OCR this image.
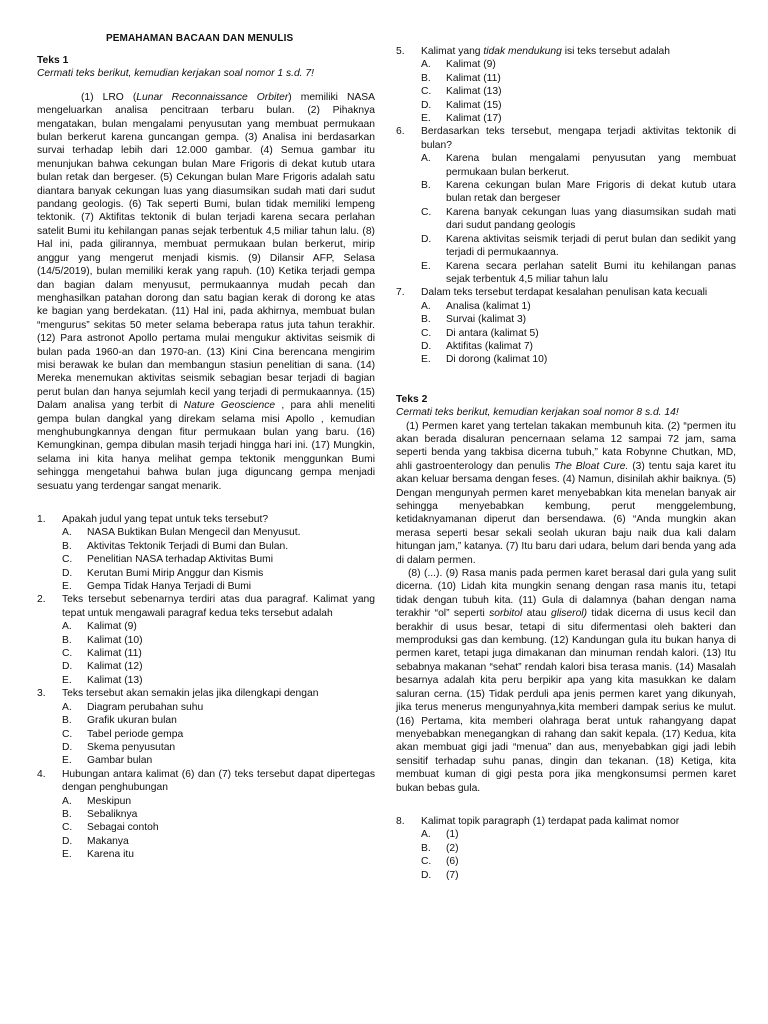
PEMAHAMAN BACAAN DAN MENULIS

Teks 1

Cermati teks berikut, kemudian kerjakan soal nomor 1 s.d. 7!

(1) LRO (Lunar Reconnaissance Orbiter) memiliki NASA mengeluarkan analisa pencitraan terbaru bulan. (2) Pihaknya mengatakan, bulan mengalami penyusutan yang membuat permukaan bulan berkerut karena guncangan gempa. (3) Analisa ini berdasarkan survai terhadap lebih dari 12.000 gambar. (4) Semua gambar itu menunjukan bahwa cekungan bulan Mare Frigoris di dekat kutub utara bulan retak dan bergeser. (5) Cekungan bulan Mare Frigoris adalah satu diantara banyak cekungan luas yang diasumsikan sudah mati dari sudut pandang geologis. (6) Tak seperti Bumi, bulan tidak memiliki lempeng tektonik. (7) Aktifitas tektonik di bulan terjadi karena secara perlahan satelit Bumi itu kehilangan panas sejak terbentuk 4,5 miliar tahun lalu. (8) Hal ini, pada gilirannya, membuat permukaan bulan berkerut, mirip anggur yang mengerut menjadi kismis. (9) Dilansir AFP, Selasa (14/5/2019), bulan memiliki kerak yang rapuh. (10) Ketika terjadi gempa dan bagian dalam menyusut, permukaannya mudah pecah dan menghasilkan patahan dorong dan satu bagian kerak di dorong ke atas ke bagian yang berdekatan. (11) Hal ini, pada akhirnya, membuat bulan “mengurus” sekitas 50 meter selama beberapa ratus juta tahun terakhir. (12) Para astronot Apollo pertama mulai mengukur aktivitas seismik di bulan pada 1960-an dan 1970-an. (13) Kini Cina berencana mengirim misi berawak ke bulan dan membangun stasiun penelitian di sana. (14) Mereka menemukan aktivitas seismik sebagian besar terjadi di bagian perut bulan dan hanya sejumlah kecil yang terjadi di permukaannya. (15) Dalam analisa yang terbit di Nature Geoscience , para ahli meneliti gempa bulan dangkal yang direkam selama misi Apollo , kemudian menghubungkannya dengan fitur permukaan bulan yang baru. (16) Kemungkinan, gempa dibulan masih terjadi hingga hari ini. (17) Mungkin, selama ini kita hanya melihat gempa tektonik menggunkan Bumi sehingga mengetahui bahwa bulan juga diguncang gempa menjadi sesuatu yang terdengar sangat menarik.

1.	Apakah judul yang tepat untuk teks tersebut?
A.	NASA Buktikan Bulan Mengecil dan Menyusut.
B.	Aktivitas Tektonik Terjadi di Bumi dan Bulan.
C.	Penelitian NASA terhadap Aktivitas Bumi
D.	Kerutan Bumi Mirip Anggur dan Kismis
E.	Gempa Tidak Hanya Terjadi di Bumi
2.	Teks tersebut sebenarnya terdiri atas dua paragraf. Kalimat yang tepat untuk mengawali paragraf kedua teks tersebut adalah
A.	Kalimat (9)
B.	Kalimat (10)
C.	Kalimat (11)
D.	Kalimat (12)
E.	Kalimat (13)
3.	Teks tersebut akan semakin jelas jika dilengkapi dengan
A.	Diagram perubahan suhu
B.	Grafik ukuran bulan
C.	Tabel periode gempa
D.	Skema penyusutan
E.	Gambar bulan
4.	Hubungan antara kalimat (6) dan (7) teks tersebut dapat dipertegas dengan penghubungan
A.	Meskipun
B.	Sebaliknya
C.	Sebagai contoh
D.	Makanya
E.	Karena itu
5.	Kalimat yang tidak mendukung isi teks tersebut adalah
A.	Kalimat (9)
B.	Kalimat (11)
C.	Kalimat (13)
D.	Kalimat (15)
E.	Kalimat (17)
6.	Berdasarkan teks tersebut, mengapa terjadi aktivitas tektonik di bulan?
A.	Karena bulan mengalami penyusutan yang membuat permukaan bulan berkerut.
B.	Karena cekungan bulan Mare Frigoris di dekat kutub utara bulan retak dan bergeser
C.	Karena banyak cekungan luas yang diasumsikan sudah mati dari sudut pandang geologis
D.	Karena aktivitas seismik terjadi di perut bulan dan sedikit yang terjadi di permukaannya.
E.	Karena secara perlahan satelit Bumi itu kehilangan panas sejak terbentuk 4,5 miliar tahun lalu
7.	Dalam teks tersebut terdapat kesalahan penulisan kata kecuali
A.	Analisa (kalimat 1)
B.	Survai (kalimat 3)
C.	Di antara (kalimat 5)
D.	Aktifitas (kalimat 7)
E.	Di dorong (kalimat 10)

Teks 2

Cermati teks berikut, kemudian kerjakan soal nomor 8 s.d. 14!

(1) Permen karet yang tertelan takakan membunuh kita. (2) “permen itu akan berada disaluran pencernaan selama 12 sampai 72 jam, sama seperti benda yang takbisa dicerna tubuh,” kata Robynne Chutkan, MD, ahli gastroenterology dan penulis The Bloat Cure. (3) tentu saja karet itu akan keluar bersama dengan feses. (4) Namun, disinilah akhir baiknya. (5) Dengan mengunyah permen karet menyebabkan kita menelan banyak air sehingga menyebabkan kembung, perut menggelembung, ketidaknyamanan diperut dan bersendawa. (6) “Anda mungkin akan merasa seperti besar sekali seolah ukuran baju naik dua kali dalam hitungan jam,” katanya. (7) Itu baru dari udara, belum dari benda yang ada di dalam permen.

(8) (...). (9) Rasa manis pada permen karet berasal dari gula yang sulit dicerna. (10) Lidah kita mungkin senang dengan rasa manis itu, tetapi tidak dengan tubuh kita. (11) Gula di dalamnya (bahan dengan nama terakhir “ol” seperti sorbitol atau gliserol) tidak dicerna di usus kecil dan berakhir di usus besar, tetapi di situ difermentasi oleh bakteri dan memproduksi gas dan kembung. (12) Kandungan gula itu bukan hanya di permen karet, tetapi juga dimakanan dan minuman rendah kalori. (13) Itu sebabnya makanan “sehat” rendah kalori bisa terasa manis. (14) Masalah besarnya adalah kita peru berpikir apa yang kita masukkan ke dalam saluran cerna. (15) Tidak perduli apa jenis permen karet yang dikunyah, jika terus menerus mengunyahnya,kita memberi dampak serius ke mulut. (16) Pertama, kita memberi olahraga berat untuk rahangyang dapat menyebabkan menegangkan di rahang dan sakit kepala. (17) Kedua, kita akan membuat gigi jadi “menua” dan aus, menyebabkan gigi jadi lebih sensitif terhadap suhu panas, dingin dan tekanan. (18) Ketiga, kita membuat kuman di gigi pesta pora jika mengkonsumsi permen karet bukan bebas gula.

8.	Kalimat topik paragraph (1) terdapat pada kalimat nomor
A.	(1)
B.	(2)
C.	(6)
D.	(7)
